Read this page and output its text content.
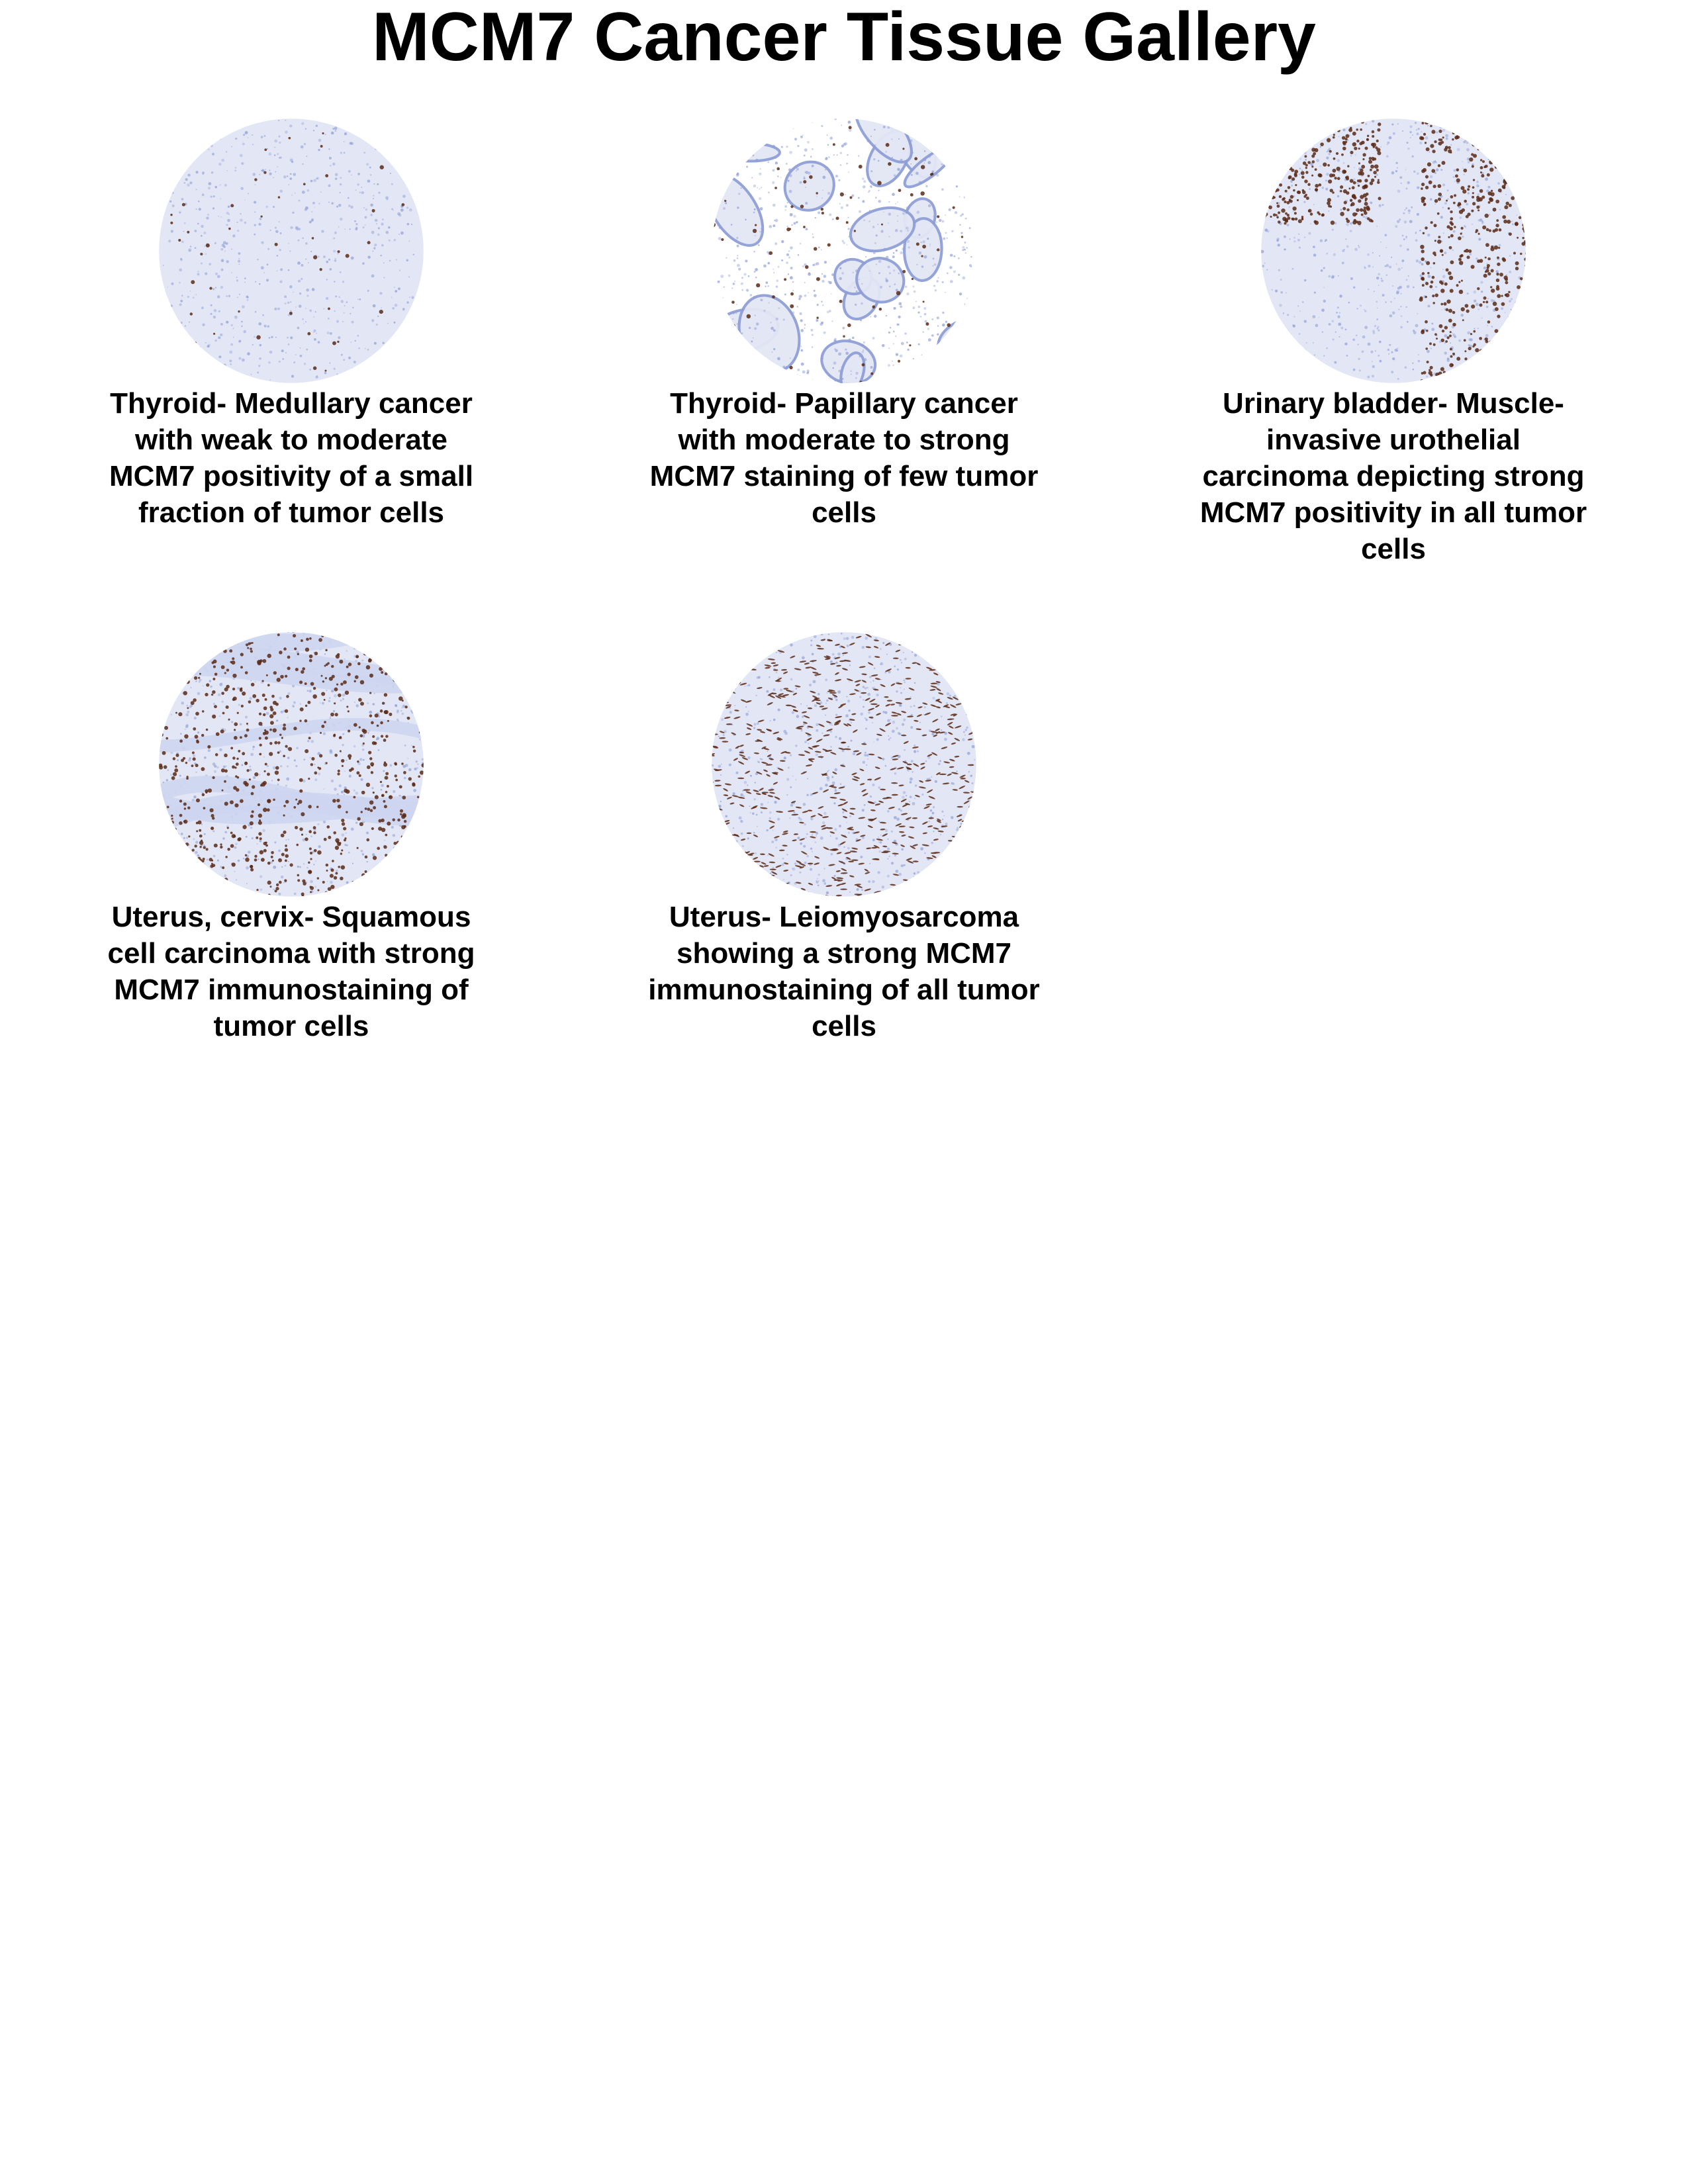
MCM7 Cancer Tissue Gallery
Thyroid- Medullary cancer with weak to moderate MCM7 positivity of a small fraction of tumor cells
Thyroid- Papillary cancer with moderate to strong MCM7 staining of few tumor cells
Urinary bladder- Muscle-invasive urothelial carcinoma depicting strong MCM7 positivity in all tumor cells
Uterus, cervix- Squamous cell carcinoma with strong MCM7 immunostaining of tumor cells
Uterus- Leiomyosarcoma showing a strong MCM7 immunostaining of all tumor cells
